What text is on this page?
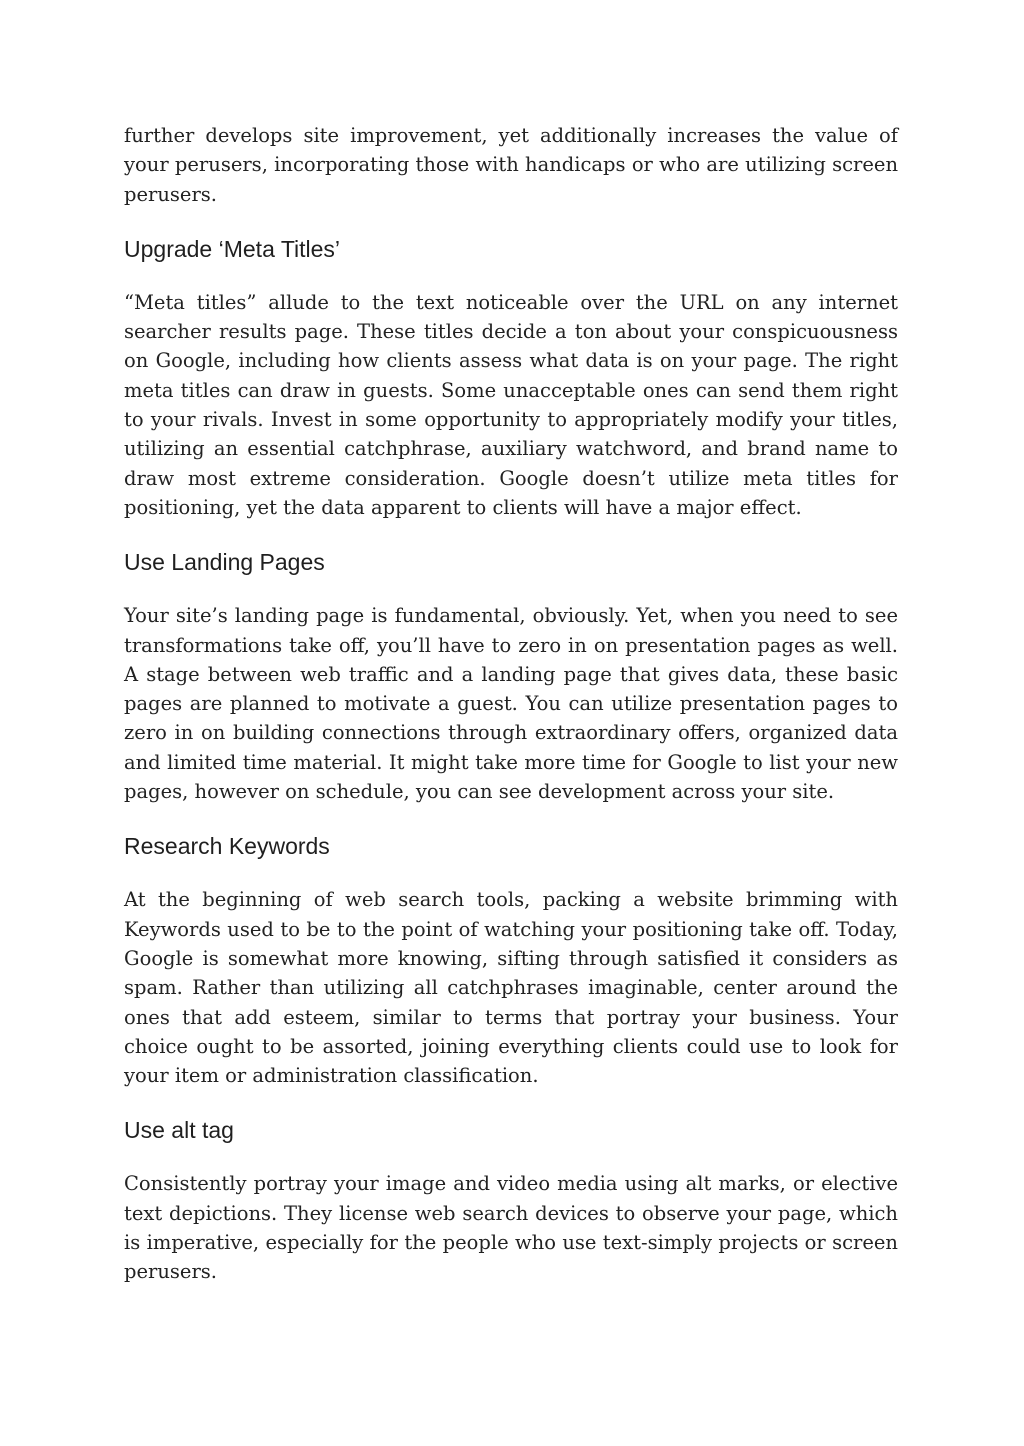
further develops site improvement, yet additionally increases the value of your perusers, incorporating those with handicaps or who are utilizing screen perusers.

Upgrade ‘Meta Titles’

“Meta titles” allude to the text noticeable over the URL on any internet searcher results page. These titles decide a ton about your conspicuousness on Google, including how clients assess what data is on your page. The right meta titles can draw in guests. Some unacceptable ones can send them right to your rivals. Invest in some opportunity to appropriately modify your titles, utilizing an essential catchphrase, auxiliary watchword, and brand name to draw most extreme consideration. Google doesn’t utilize meta titles for positioning, yet the data apparent to clients will have a major effect.

Use Landing Pages

Your site’s landing page is fundamental, obviously. Yet, when you need to see transformations take off, you’ll have to zero in on presentation pages as well. A stage between web traffic and a landing page that gives data, these basic pages are planned to motivate a guest. You can utilize presentation pages to zero in on building connections through extraordinary offers, organized data and limited time material. It might take more time for Google to list your new pages, however on schedule, you can see development across your site.

Research Keywords

At the beginning of web search tools, packing a website brimming with Keywords used to be to the point of watching your positioning take off. Today, Google is somewhat more knowing, sifting through satisfied it considers as spam. Rather than utilizing all catchphrases imaginable, center around the ones that add esteem, similar to terms that portray your business. Your choice ought to be assorted, joining everything clients could use to look for your item or administration classification.

Use alt tag

Consistently portray your image and video media using alt marks, or elective text depictions. They license web search devices to observe your page, which is imperative, especially for the people who use text-simply projects or screen perusers.
